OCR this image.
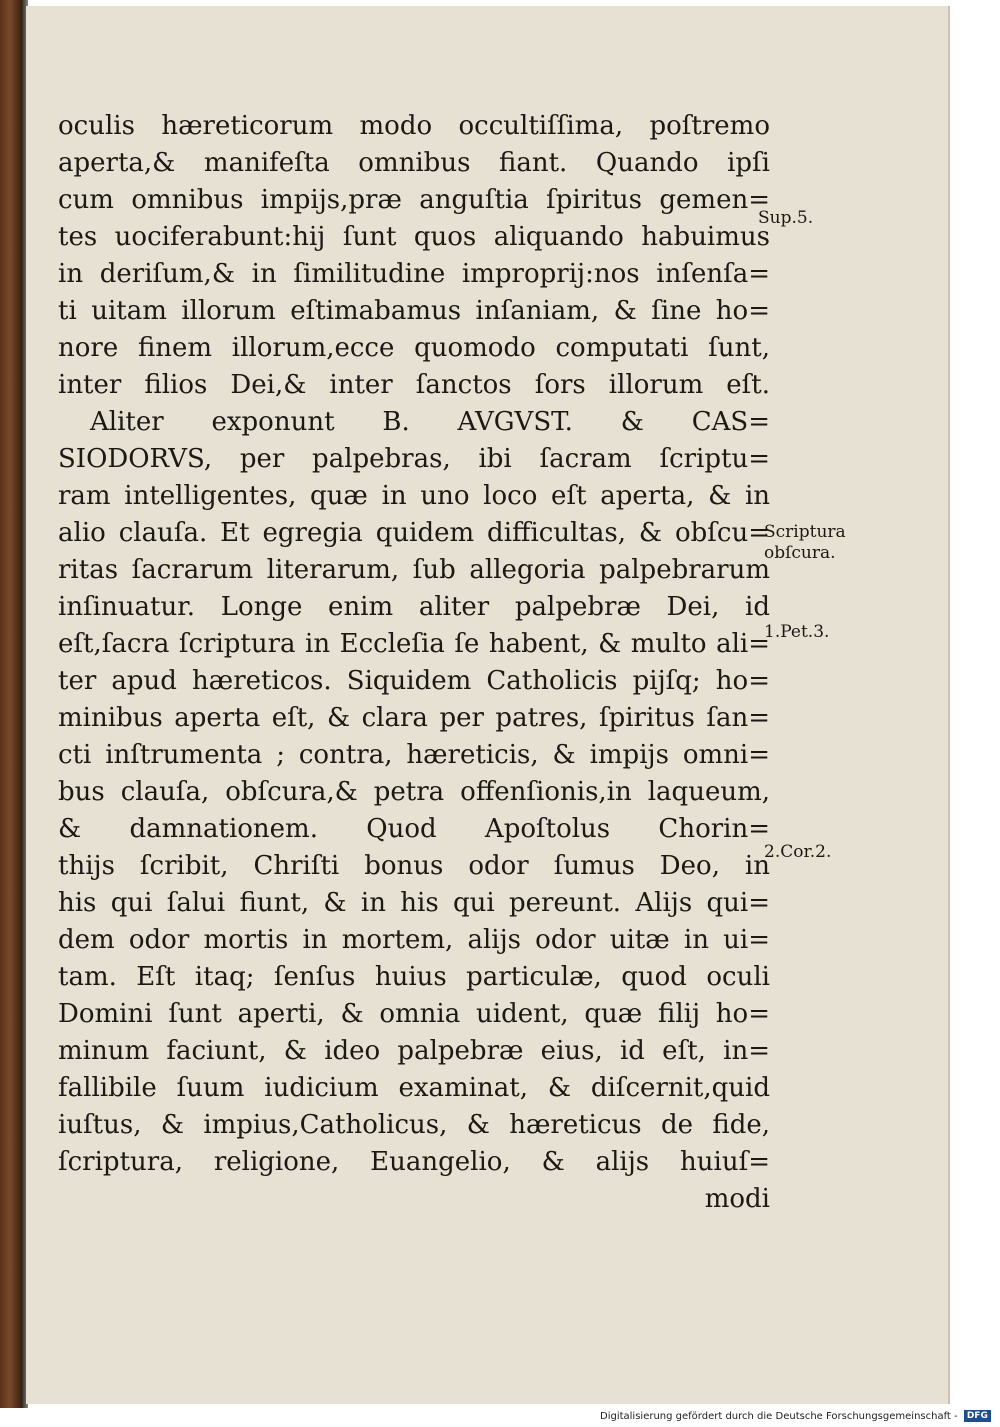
oculis hæreticorum modo occultiſſima, poſtremo
aperta,& manifeſta omnibus fiant. Quando ipſi
cum omnibus impijs,præ anguſtia ſpiritus gemen=
tes uociferabunt:hij ſunt quos aliquando habuimus
in deriſum,& in ſimilitudine improprij:nos inſenſa=
ti uitam illorum eſtimabamus inſaniam, & ſine ho=
nore finem illorum,ecce quomodo computati ſunt,
inter filios Dei,& inter ſanctos ſors illorum eſt.
Aliter exponunt B. AVGVST. & CAS=
SIODORVS, per palpebras, ibi ſacram ſcriptu=
ram intelligentes, quæ in uno loco eſt aperta, & in
alio clauſa. Et egregia quidem difficultas, & obſcu=
ritas ſacrarum literarum, ſub allegoria palpebrarum
inſinuatur. Longe enim aliter palpebræ Dei, id
eſt,ſacra ſcriptura in Eccleſia ſe habent, & multo ali=
ter apud hæreticos. Siquidem Catholicis pijſq; ho=
minibus aperta eſt, & clara per patres, ſpiritus ſan=
cti inſtrumenta ; contra, hæreticis, & impijs omni=
bus clauſa, obſcura,& petra offenſionis,in laqueum,
& damnationem. Quod Apoſtolus Chorin=
thijs ſcribit, Chriſti bonus odor ſumus Deo, in
his qui ſalui fiunt, & in his qui pereunt. Alijs qui=
dem odor mortis in mortem, alijs odor uitæ in ui=
tam. Eſt itaq; ſenſus huius particulæ, quod oculi
Domini ſunt aperti, & omnia uident, quæ filij ho=
minum faciunt, & ideo palpebræ eius, id eſt, in=
fallibile ſuum iudicium examinat, & diſcernit,quid
iuſtus, & impius,Catholicus, & hæreticus de fide,
ſcriptura, religione, Euangelio, & alijs huiuſ=
modi
Sup.5.
Scriptura
obſcura.
1.Pet.3.
2.Cor.2.
Digitalisierung gefördert durch die Deutsche Forschungsgemeinschaft - DFG
